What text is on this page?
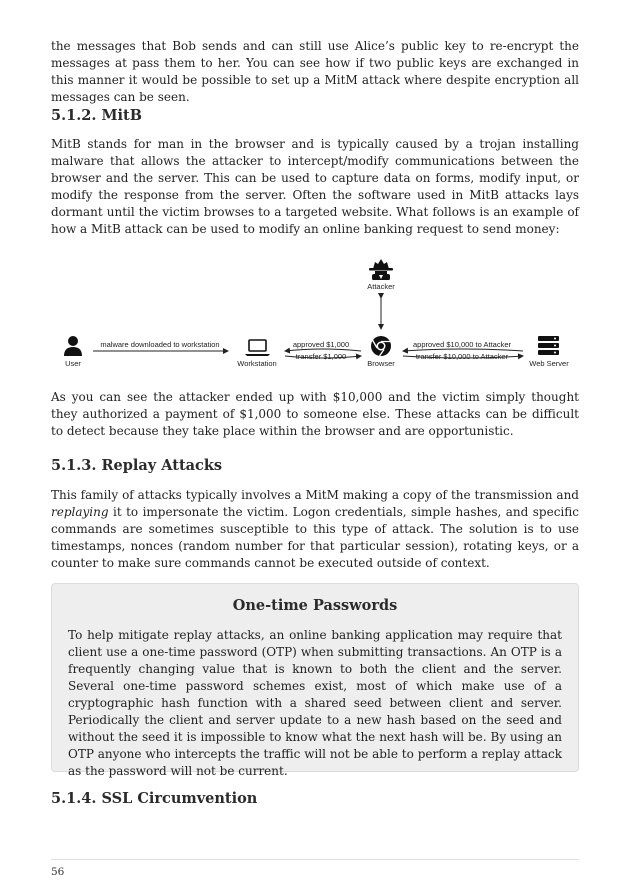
the messages that Bob sends and can still use Alice’s public key to re-encrypt the messages at pass them to her. You can see how if two public keys are exchanged in this manner it would be possible to set up a MitM attack where despite encryption all messages can be seen.

5.1.2. MitB

MitB stands for man in the browser and is typically caused by a trojan installing malware that allows the attacker to intercept/modify communications between the browser and the server. This can be used to capture data on forms, modify input, or modify the response from the server. Often the software used in MitB attacks lays dormant until the victim browses to a targeted website. What follows is an example of how a MitB attack can be used to modify an online banking request to send money:

Attacker
User
malware downloaded to workstation
Workstation
approved $1,000
transfer $1,000
Browser
approved $10,000 to Attacker
transfer $10,000 to Attacker
Web Server

As you can see the attacker ended up with $10,000 and the victim simply thought they authorized a payment of $1,000 to someone else. These attacks can be difficult to detect because they take place within the browser and are opportunistic.

5.1.3. Replay Attacks

This family of attacks typically involves a MitM making a copy of the transmission and replaying it to impersonate the victim. Logon credentials, simple hashes, and specific commands are sometimes susceptible to this type of attack. The solution is to use timestamps, nonces (random number for that particular session), rotating keys, or a counter to make sure commands cannot be executed outside of context.

One-time Passwords

To help mitigate replay attacks, an online banking application may require that client use a one-time password (OTP) when submitting transactions. An OTP is a frequently changing value that is known to both the client and the server. Several one-time password schemes exist, most of which make use of a cryptographic hash function with a shared seed between client and server. Periodically the client and server update to a new hash based on the seed and without the seed it is impossible to know what the next hash will be. By using an OTP anyone who intercepts the traffic will not be able to perform a replay attack as the password will not be current.

5.1.4. SSL Circumvention
56
